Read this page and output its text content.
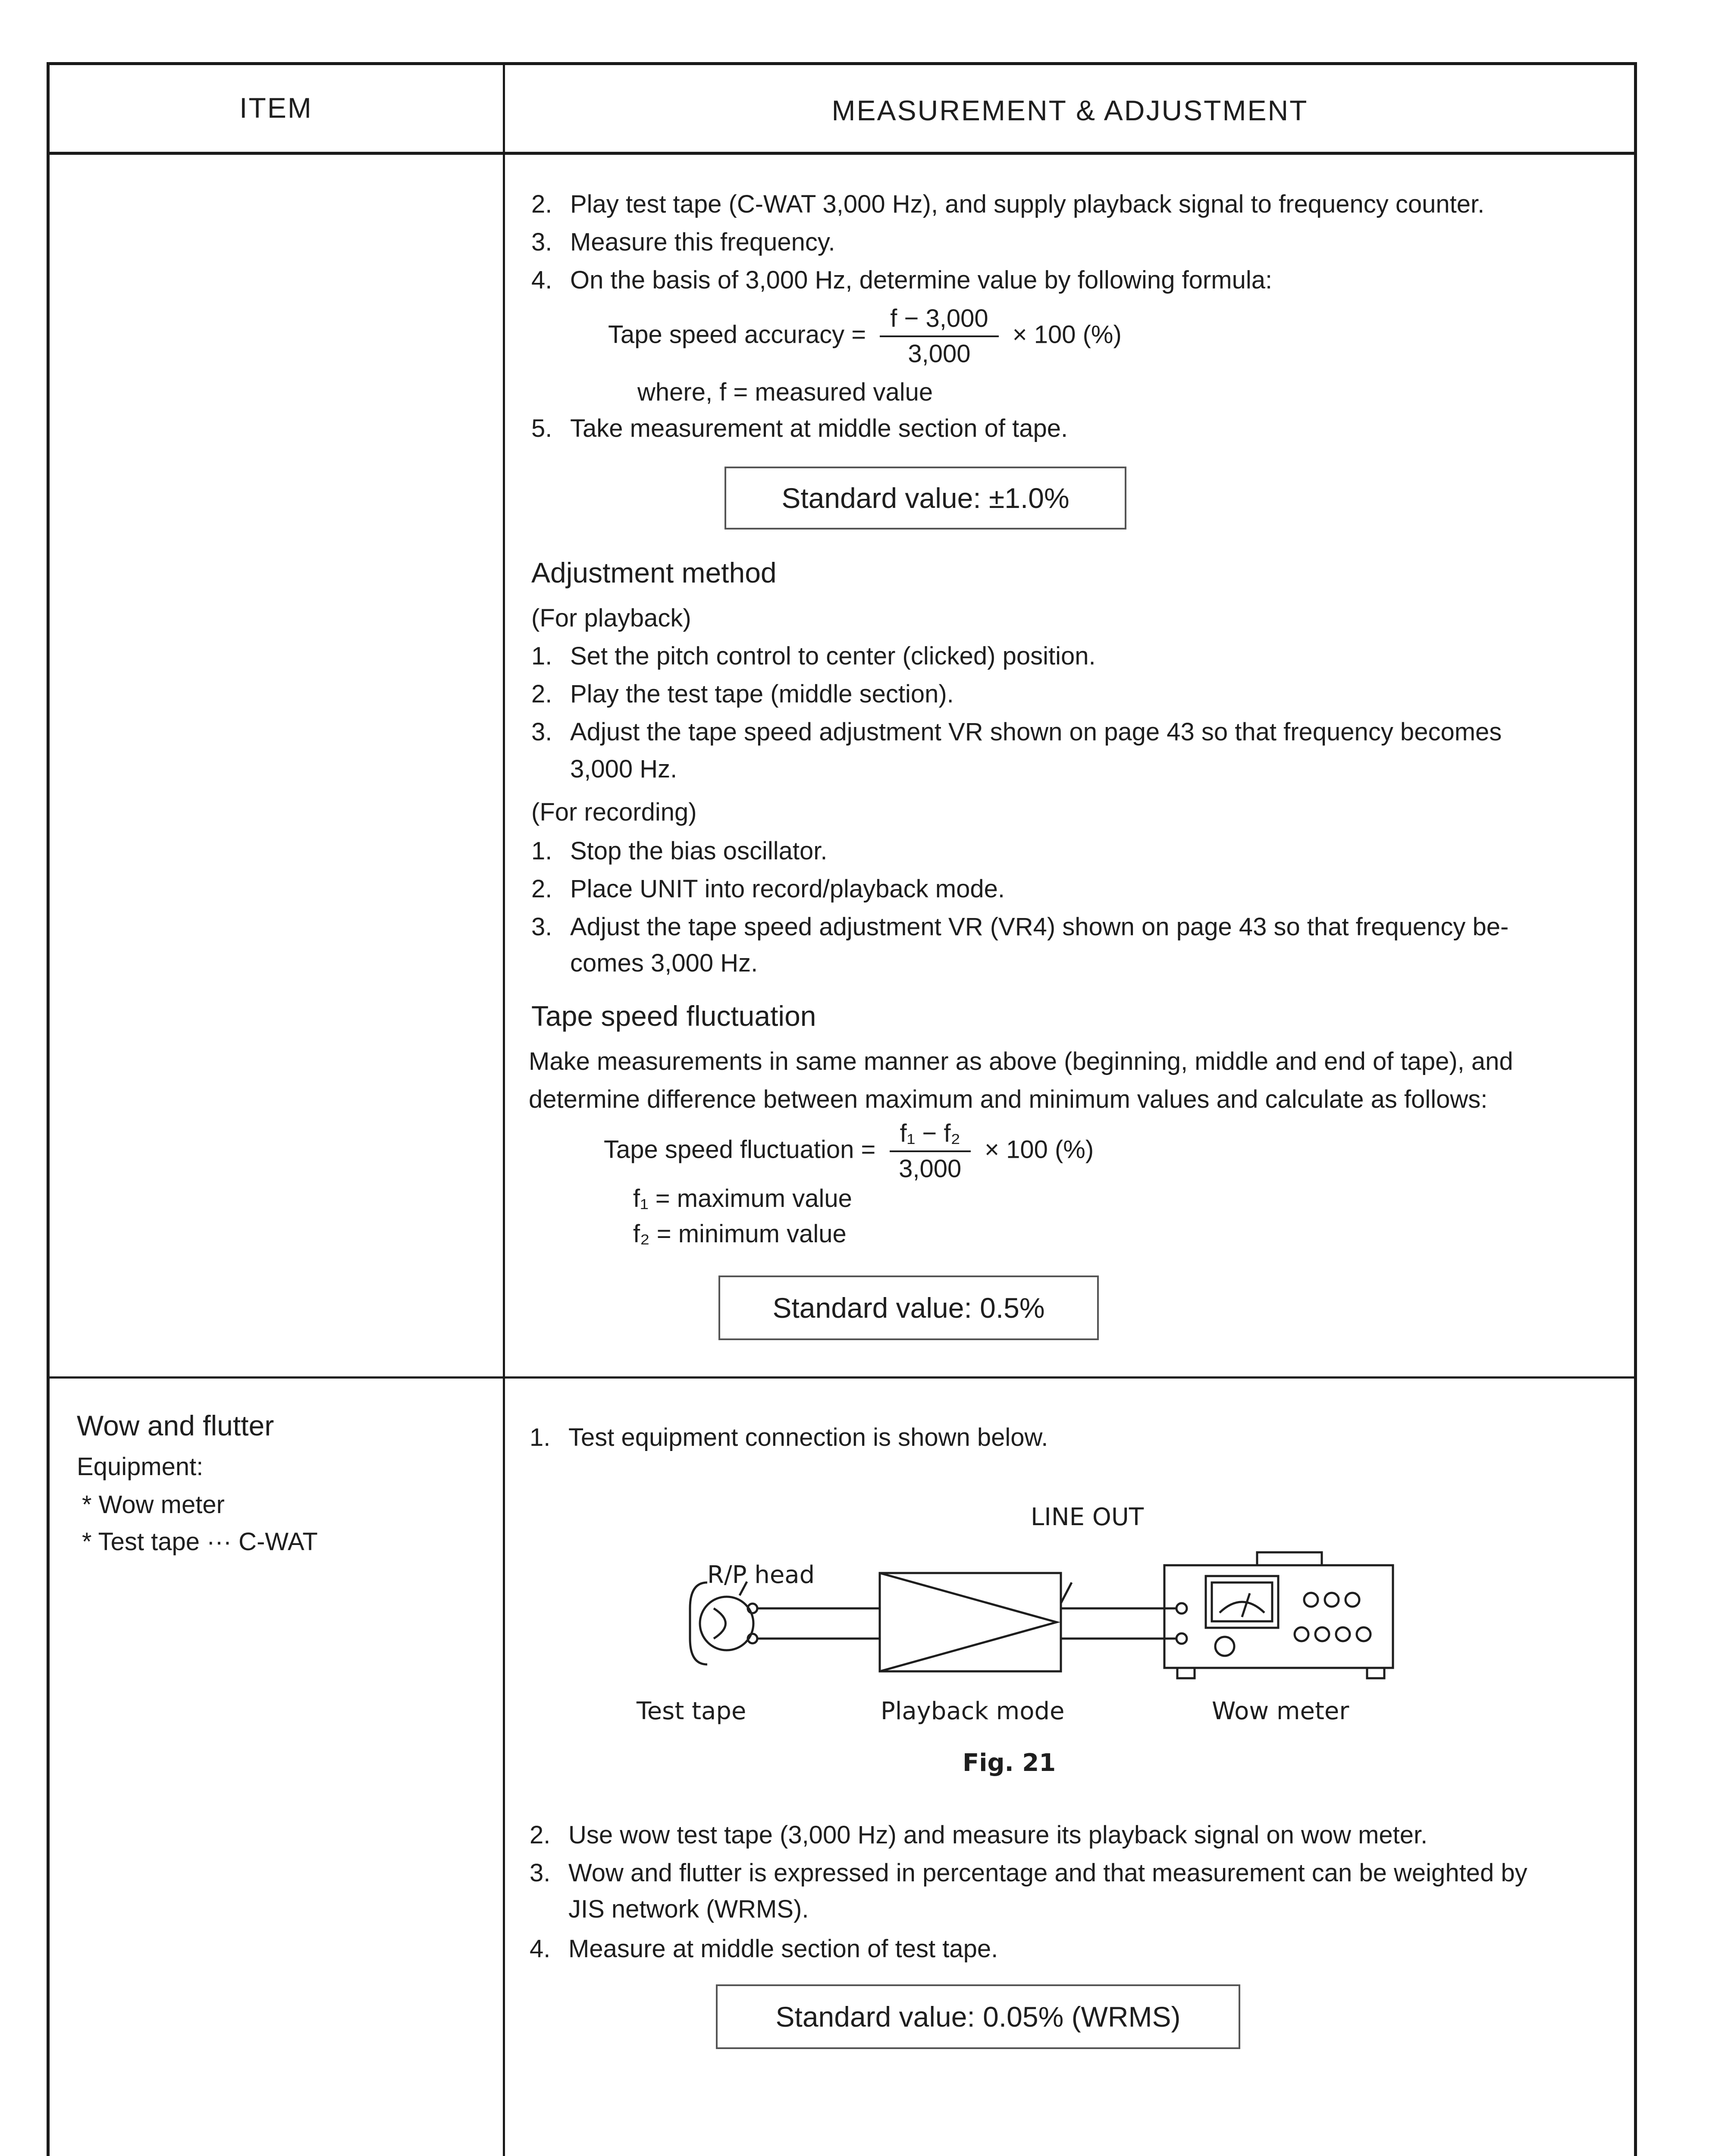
ITEM	MEASUREMENT & ADJUSTMENT
2. Play test tape (C-WAT 3,000 Hz), and supply playback signal to frequency counter.
3. Measure this frequency.
4. On the basis of 3,000 Hz, determine value by following formula:
Tape speed accuracy = $\frac{f - 3,000}{3,000} \times 100$ (%)
where, f = measured value
5. Take measurement at middle section of tape.
Standard value: ±1.0%
Adjustment method
(For playback)
1. Set the pitch control to center (clicked) position.
2. Play the test tape (middle section).
3. Adjust the tape speed adjustment VR shown on page 43 so that frequency becomes
3,000 Hz.
(For recording)
1. Stop the bias oscillator.
2. Place UNIT into record/playback mode.
3. Adjust the tape speed adjustment VR (VR4) shown on page 43 so that frequency be-
comes 3,000 Hz.
Tape speed fluctuation
Make measurements in same manner as above (beginning, middle and end of tape), and
determine difference between maximum and minimum values and calculate as follows:
Tape speed fluctuation = $\frac{\text{f₁ − f₂}}{3,000} \times 100$ (%)
f₁ = maximum value
f₂ = minimum value
Standard value: 0.5%
Wow and flutter
Equipment:
* Wow meter
* Test tape ··· C-WAT
1. Test equipment connection is shown below.
LINE OUT
R/P head
Test tape	Playback mode	Wow meter
Fig. 21
2. Use wow test tape (3,000 Hz) and measure its playback signal on wow meter.
3. Wow and flutter is expressed in percentage and that measurement can be weighted by
JIS network (WRMS).
4. Measure at middle section of test tape.
Standard value: 0.05% (WRMS)
